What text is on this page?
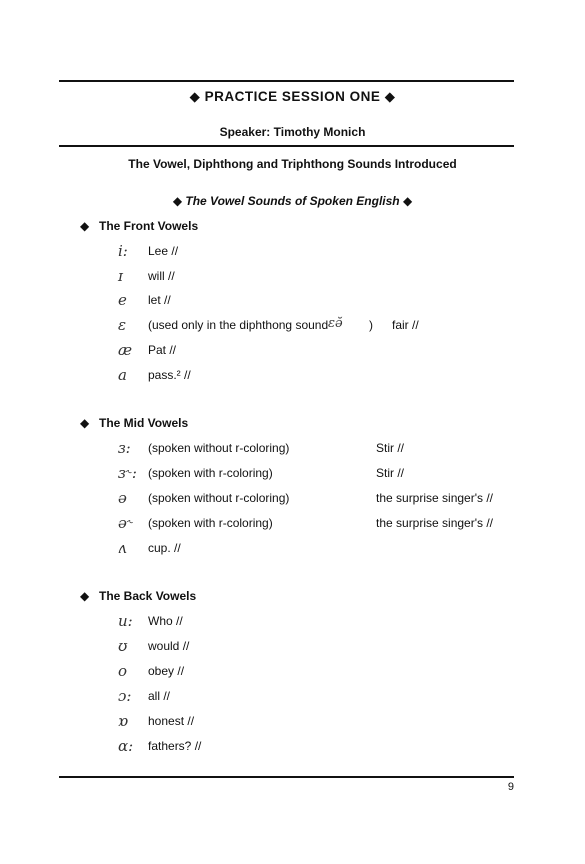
◆ PRACTICE SESSION ONE ◆
Speaker: Timothy Monich
The Vowel, Diphthong and Triphthong Sounds Introduced
◆ The Vowel Sounds of Spoken English ◆
◆ The Front Vowels
i: Lee //
ɪ will //
e let //
ɛ (used only in the diphthong sound ɛə̆ ) fair //
æ Pat //
a pass.² //
◆ The Mid Vowels
ɜ: (spoken without r-coloring)	Stir //
ɜ˞: (spoken with r-coloring)	Stir //
ə (spoken without r-coloring)	the surprise singer's //
ə˞ (spoken with r-coloring)	the surprise singer's //
ʌ cup. //
◆ The Back Vowels
u: Who //
ʊ would //
o obey //
ɔ: all //
ɒ honest //
ɑ: fathers? //
9
